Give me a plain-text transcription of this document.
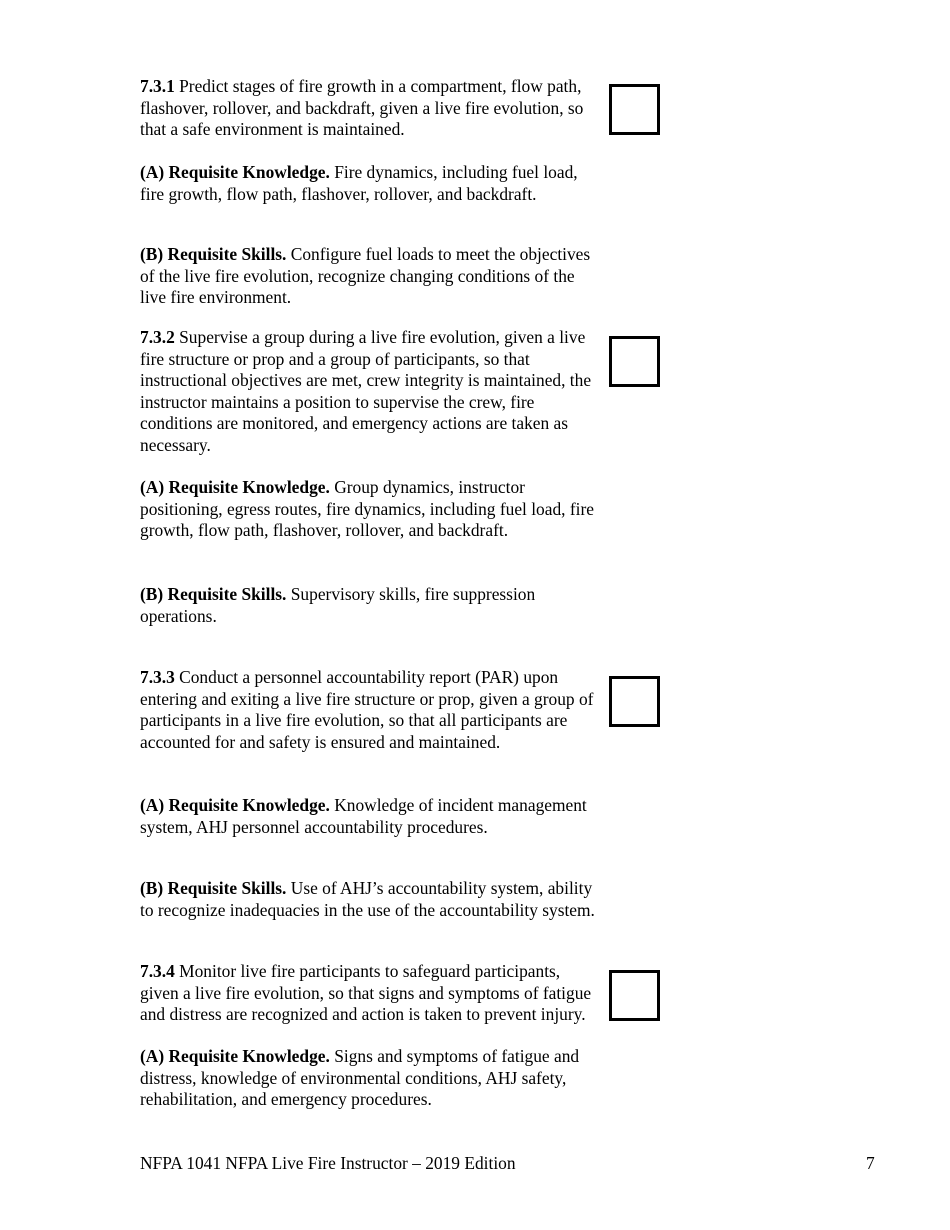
7.3.1 Predict stages of fire growth in a compartment, flow path, flashover, rollover, and backdraft, given a live fire evolution, so that a safe environment is maintained.

(A) Requisite Knowledge. Fire dynamics, including fuel load, fire growth, flow path, flashover, rollover, and backdraft.

(B) Requisite Skills. Configure fuel loads to meet the objectives of the live fire evolution, recognize changing conditions of the live fire environment.

7.3.2 Supervise a group during a live fire evolution, given a live fire structure or prop and a group of participants, so that instructional objectives are met, crew integrity is maintained, the instructor maintains a position to supervise the crew, fire conditions are monitored, and emergency actions are taken as necessary.

(A) Requisite Knowledge. Group dynamics, instructor positioning, egress routes, fire dynamics, including fuel load, fire growth, flow path, flashover, rollover, and backdraft.

(B) Requisite Skills. Supervisory skills, fire suppression operations.

7.3.3 Conduct a personnel accountability report (PAR) upon entering and exiting a live fire structure or prop, given a group of participants in a live fire evolution, so that all participants are accounted for and safety is ensured and maintained.

(A) Requisite Knowledge. Knowledge of incident management system, AHJ personnel accountability procedures.

(B) Requisite Skills. Use of AHJ’s accountability system, ability to recognize inadequacies in the use of the accountability system.

7.3.4 Monitor live fire participants to safeguard participants, given a live fire evolution, so that signs and symptoms of fatigue and distress are recognized and action is taken to prevent injury.

(A) Requisite Knowledge. Signs and symptoms of fatigue and distress, knowledge of environmental conditions, AHJ safety, rehabilitation, and emergency procedures.

NFPA 1041 NFPA Live Fire Instructor – 2019 Edition	7
